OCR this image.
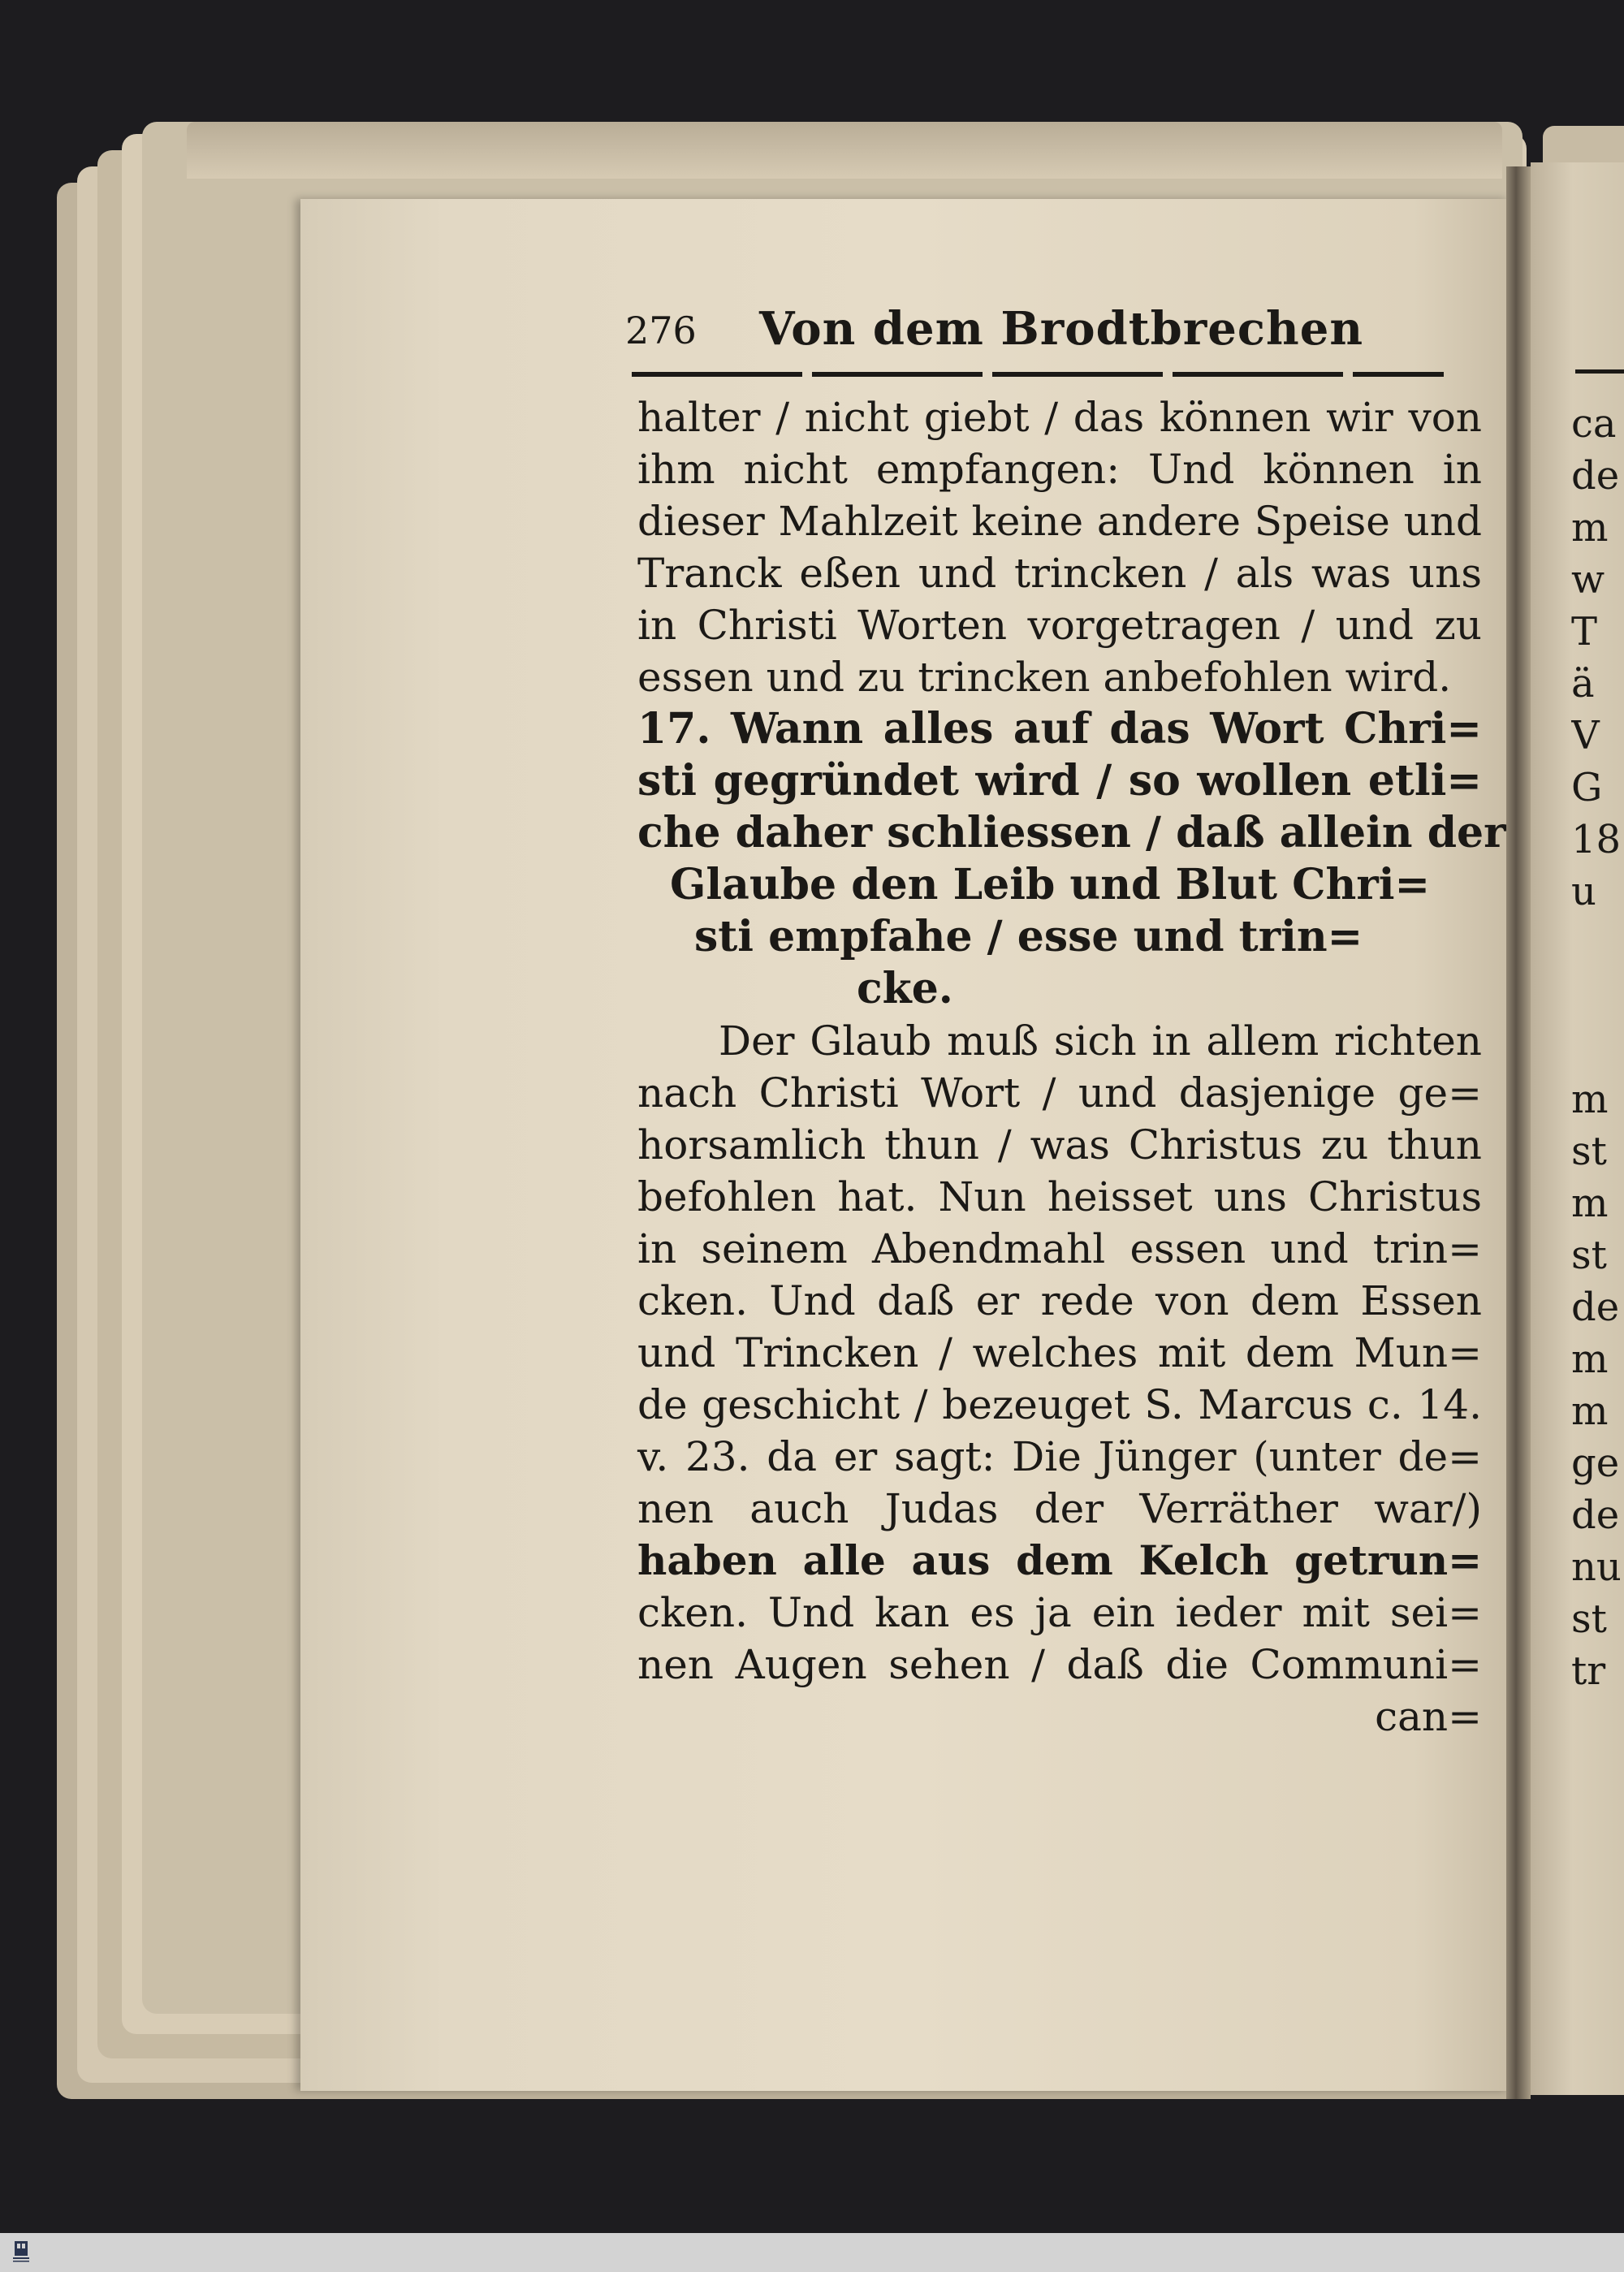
276 Von dem Brodtbrechen
halter / nicht giebt / das können wir von
ihm nicht empfangen: Und können in
dieser Mahlzeit keine andere Speise und
Tranck eßen und trincken / als was uns
in Christi Worten vorgetragen / und zu
essen und zu trincken anbefohlen wird.
17. Wann alles auf das Wort Chri=
sti gegründet wird / so wollen etli=
che daher schliessen / daß allein der
Glaube den Leib und Blut Chri=
sti empfahe / esse und trin=
cke.
Der Glaub muß sich in allem richten
nach Christi Wort / und dasjenige ge=
horsamlich thun / was Christus zu thun
befohlen hat. Nun heisset uns Christus
in seinem Abendmahl essen und trin=
cken. Und daß er rede von dem Essen
und Trincken / welches mit dem Mun=
de geschicht / bezeuget S. Marcus c. 14.
v. 23. da er sagt: Die Jünger (unter de=
nen auch Judas der Verräther war/)
haben alle aus dem Kelch getrun=
cken. Und kan es ja ein ieder mit sei=
nen Augen sehen / daß die Communi=
can=
ca
de
m
w
T
ä
V
G
18
u
m
st
m
st
de
m
m
ge
de
nu
st
tr
